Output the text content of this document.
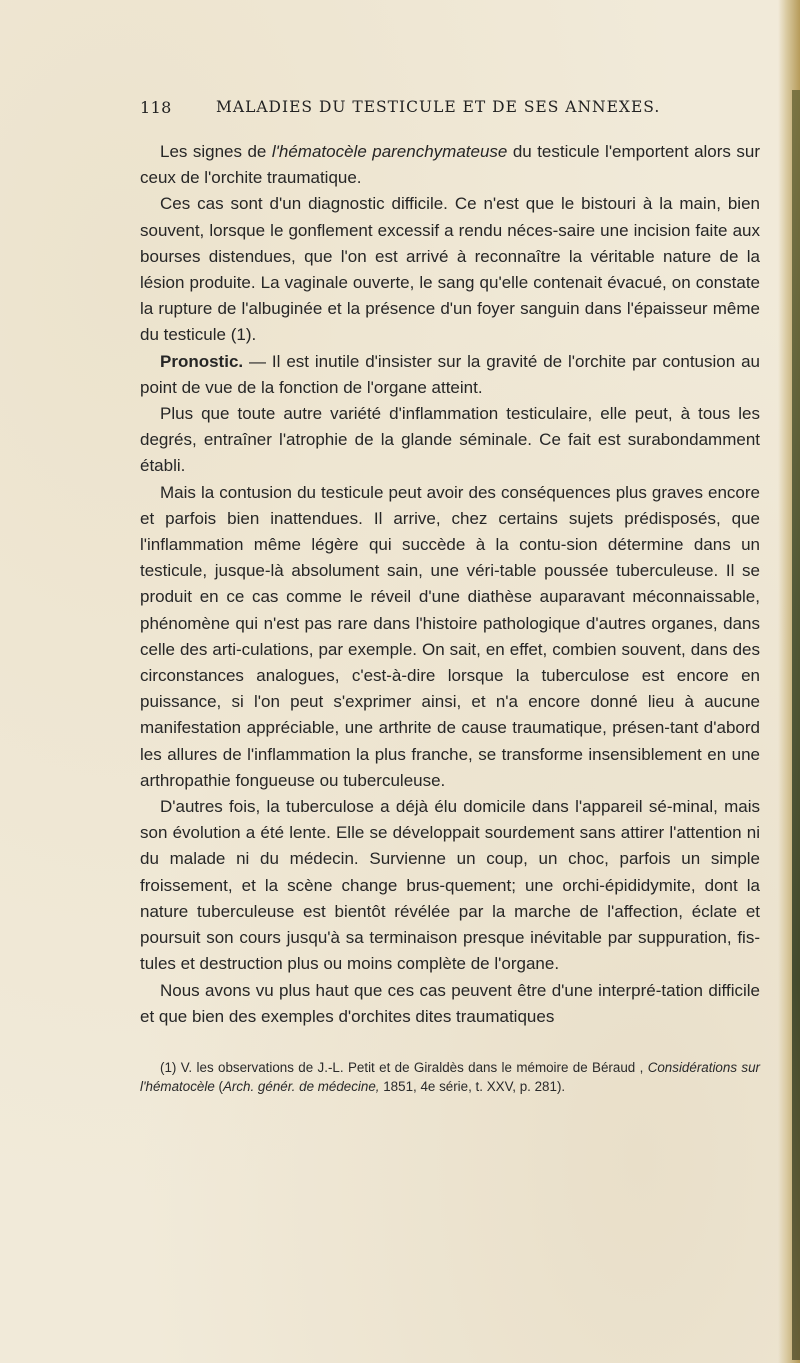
118	MALADIES DU TESTICULE ET DE SES ANNEXES.

Les signes de l'hématocèle parenchymateuse du testicule l'emportent alors sur ceux de l'orchite traumatique.

Ces cas sont d'un diagnostic difficile. Ce n'est que le bistouri à la main, bien souvent, lorsque le gonflement excessif a rendu néces-saire une incision faite aux bourses distendues, que l'on est arrivé à reconnaître la véritable nature de la lésion produite. La vaginale ouverte, le sang qu'elle contenait évacué, on constate la rupture de l'albuginée et la présence d'un foyer sanguin dans l'épaisseur même du testicule (1).

Pronostic. — Il est inutile d'insister sur la gravité de l'orchite par contusion au point de vue de la fonction de l'organe atteint.

Plus que toute autre variété d'inflammation testiculaire, elle peut, à tous les degrés, entraîner l'atrophie de la glande séminale. Ce fait est surabondamment établi.

Mais la contusion du testicule peut avoir des conséquences plus graves encore et parfois bien inattendues. Il arrive, chez certains sujets prédisposés, que l'inflammation même légère qui succède à la contu-sion détermine dans un testicule, jusque-là absolument sain, une véri-table poussée tuberculeuse. Il se produit en ce cas comme le réveil d'une diathèse auparavant méconnaissable, phénomène qui n'est pas rare dans l'histoire pathologique d'autres organes, dans celle des arti-culations, par exemple. On sait, en effet, combien souvent, dans des circonstances analogues, c'est-à-dire lorsque la tuberculose est encore en puissance, si l'on peut s'exprimer ainsi, et n'a encore donné lieu à aucune manifestation appréciable, une arthrite de cause traumatique, présen-tant d'abord les allures de l'inflammation la plus franche, se transforme insensiblement en une arthropathie fongueuse ou tuberculeuse.

D'autres fois, la tuberculose a déjà élu domicile dans l'appareil sé-minal, mais son évolution a été lente. Elle se développait sourdement sans attirer l'attention ni du malade ni du médecin. Survienne un coup, un choc, parfois un simple froissement, et la scène change brus-quement; une orchi-épididymite, dont la nature tuberculeuse est bientôt révélée par la marche de l'affection, éclate et poursuit son cours jusqu'à sa terminaison presque inévitable par suppuration, fis-tules et destruction plus ou moins complète de l'organe.

Nous avons vu plus haut que ces cas peuvent être d'une interpré-tation difficile et que bien des exemples d'orchites dites traumatiques

(1) V. les observations de J.-L. Petit et de Giraldès dans le mémoire de Béraud , Considérations sur l'hématocèle (Arch. génér. de médecine, 1851, 4e série, t. XXV, p. 281).
